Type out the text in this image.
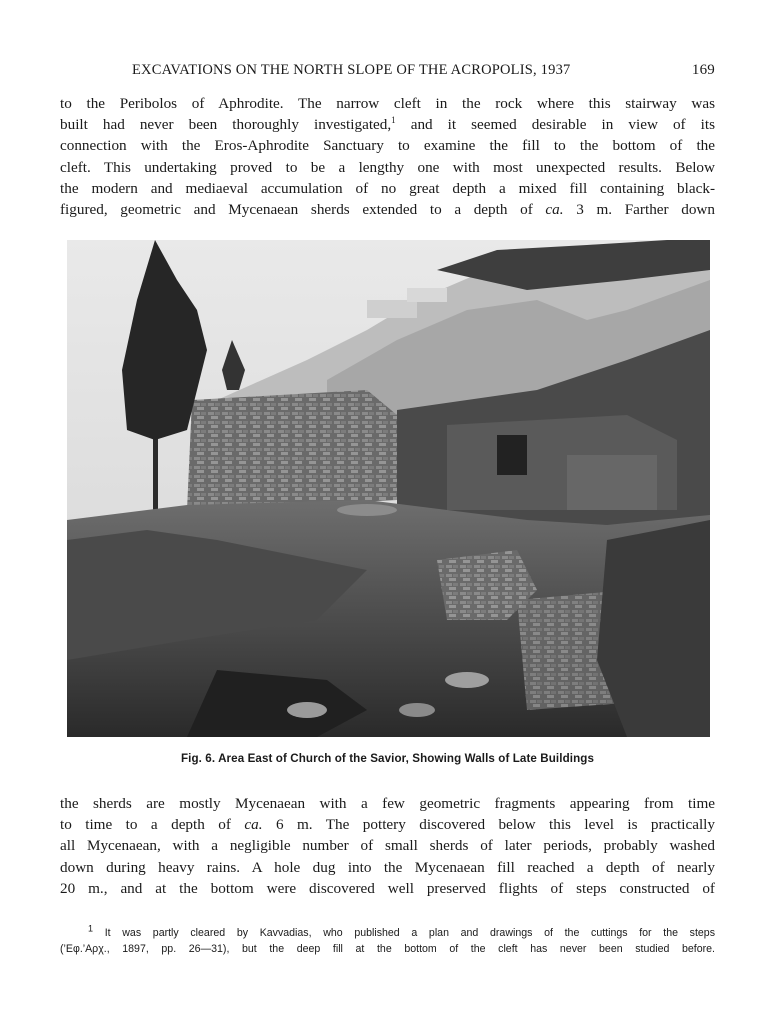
EXCAVATIONS ON THE NORTH SLOPE OF THE ACROPOLIS, 1937	169
to the Peribolos of Aphrodite. The narrow cleft in the rock where this stairway was
built had never been thoroughly investigated,$^1$ and it seemed desirable in view of its
connection with the Eros-Aphrodite Sanctuary to examine the fill to the bottom of the
cleft. This undertaking proved to be a lengthy one with most unexpected results. Below
the modern and mediaeval accumulation of no great depth a mixed fill containing black-
figured, geometric and Mycenaean sherds extended to a depth of ca. 3 m. Farther down
Fig. 6. Area East of Church of the Savior, Showing Walls of Late Buildings
the sherds are mostly Mycenaean with a few geometric fragments appearing from time
to time to a depth of ca. 6 m. The pottery discovered below this level is practically
all Mycenaean, with a negligible number of small sherds of later periods, probably washed
down during heavy rains. A hole dug into the Mycenaean fill reached a depth of nearly
20 m., and at the bottom were discovered well preserved flights of steps constructed of
$^1$ It was partly cleared by Kavvadias, who published a plan and drawings of the cuttings for the steps
(’Εφ.’Αρχ., 1897, pp. 26—31), but the deep fill at the bottom of the cleft has never been studied before.
